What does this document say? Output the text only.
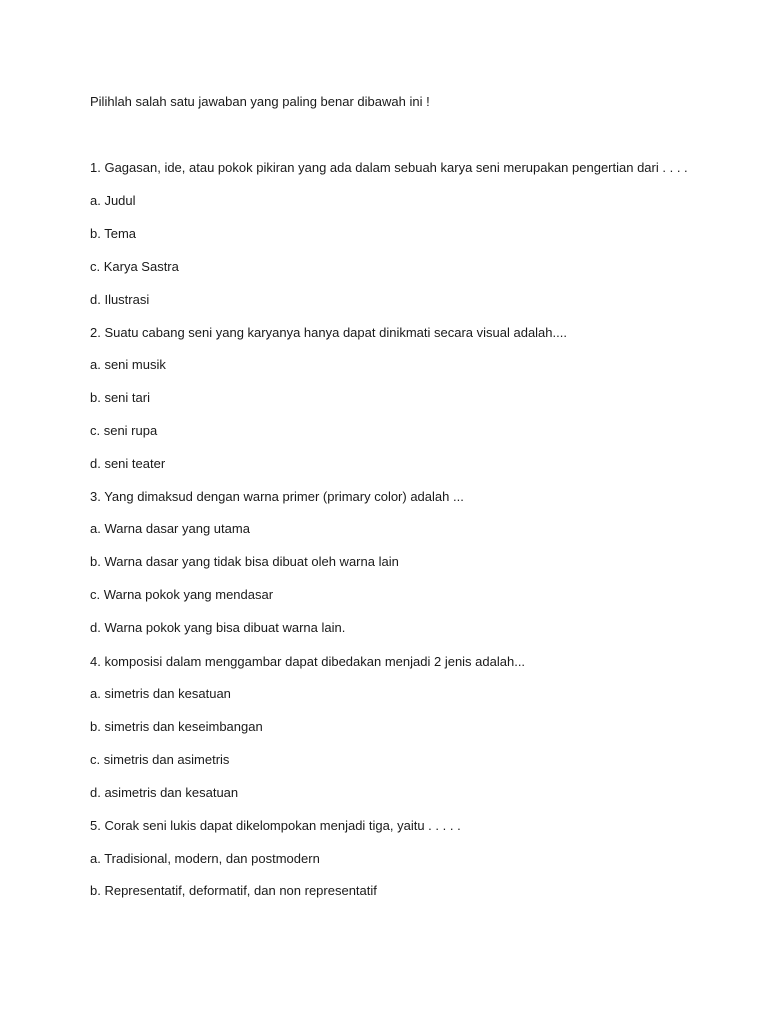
Pilihlah salah satu jawaban yang paling benar dibawah ini !
1. Gagasan, ide, atau pokok pikiran yang ada dalam sebuah karya seni merupakan pengertian dari . . . .
a. Judul
b. Tema
c. Karya Sastra
d. Ilustrasi
2. Suatu cabang seni yang karyanya hanya dapat dinikmati secara visual adalah....
a. seni musik
b. seni tari
c. seni rupa
d. seni teater
3. Yang dimaksud dengan warna primer (primary color) adalah ...
a. Warna dasar yang utama
b. Warna dasar yang tidak bisa dibuat oleh warna lain
c. Warna pokok yang mendasar
d. Warna pokok yang bisa dibuat warna lain.
4. komposisi dalam menggambar dapat dibedakan menjadi 2 jenis adalah...
a. simetris dan kesatuan
b. simetris dan keseimbangan
c. simetris dan asimetris
d. asimetris dan kesatuan
5. Corak seni lukis dapat dikelompokan menjadi tiga, yaitu . . . . .
a. Tradisional, modern, dan postmodern
b. Representatif, deformatif, dan non representatif
